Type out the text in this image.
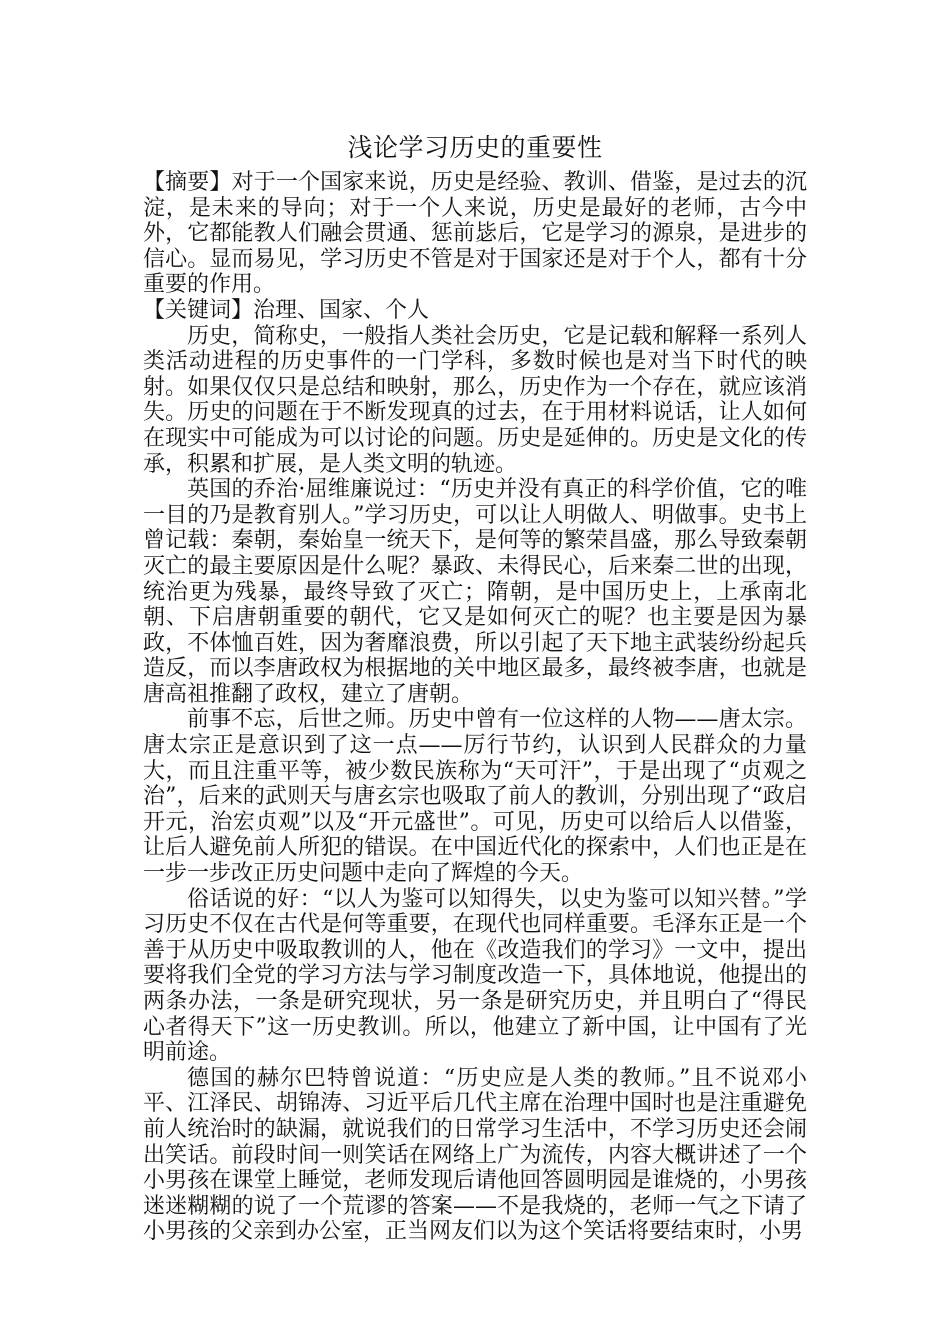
浅论学习历史的重要性

【摘要】对于一个国家来说，历史是经验、教训、借鉴，是过去的沉淀，是未来的导向；对于一个人来说，历史是最好的老师，古今中外，它都能教人们融会贯通、惩前毖后，它是学习的源泉，是进步的信心。显而易见，学习历史不管是对于国家还是对于个人，都有十分重要的作用。

【关键词】治理、国家、个人

历史，简称史，一般指人类社会历史，它是记载和解释一系列人类活动进程的历史事件的一门学科，多数时候也是对当下时代的映射。如果仅仅只是总结和映射，那么，历史作为一个存在，就应该消失。历史的问题在于不断发现真的过去，在于用材料说话，让人如何在现实中可能成为可以讨论的问题。历史是延伸的。历史是文化的传承，积累和扩展，是人类文明的轨迹。

英国的乔治·屈维廉说过：“历史并没有真正的科学价值，它的唯一目的乃是教育别人。”学习历史，可以让人明做人、明做事。史书上曾记载：秦朝，秦始皇一统天下，是何等的繁荣昌盛，那么导致秦朝灭亡的最主要原因是什么呢？暴政、未得民心，后来秦二世的出现，统治更为残暴，最终导致了灭亡；隋朝，是中国历史上，上承南北朝、下启唐朝重要的朝代，它又是如何灭亡的呢？也主要是因为暴政，不体恤百姓，因为奢靡浪费，所以引起了天下地主武装纷纷起兵造反，而以李唐政权为根据地的关中地区最多，最终被李唐，也就是唐高祖推翻了政权，建立了唐朝。

前事不忘，后世之师。历史中曾有一位这样的人物——唐太宗。唐太宗正是意识到了这一点——厉行节约，认识到人民群众的力量大，而且注重平等，被少数民族称为“天可汗”，于是出现了“贞观之治”，后来的武则天与唐玄宗也吸取了前人的教训，分别出现了“政启开元，治宏贞观”以及“开元盛世”。可见，历史可以给后人以借鉴，让后人避免前人所犯的错误。在中国近代化的探索中，人们也正是在一步一步改正历史问题中走向了辉煌的今天。

俗话说的好：“以人为鉴可以知得失，以史为鉴可以知兴替。”学习历史不仅在古代是何等重要，在现代也同样重要。毛泽东正是一个善于从历史中吸取教训的人，他在《改造我们的学习》一文中，提出要将我们全党的学习方法与学习制度改造一下，具体地说，他提出的两条办法，一条是研究现状，另一条是研究历史，并且明白了“得民心者得天下”这一历史教训。所以，他建立了新中国，让中国有了光明前途。

德国的赫尔巴特曾说道：“历史应是人类的教师。”且不说邓小平、江泽民、胡锦涛、习近平后几代主席在治理中国时也是注重避免前人统治时的缺漏，就说我们的日常学习生活中，不学习历史还会闹出笑话。前段时间一则笑话在网络上广为流传，内容大概讲述了一个小男孩在课堂上睡觉，老师发现后请他回答圆明园是谁烧的，小男孩迷迷糊糊的说了一个荒谬的答案——不是我烧的，老师一气之下请了小男孩的父亲到办公室，正当网友们以为这个笑话将要结束时，小男
